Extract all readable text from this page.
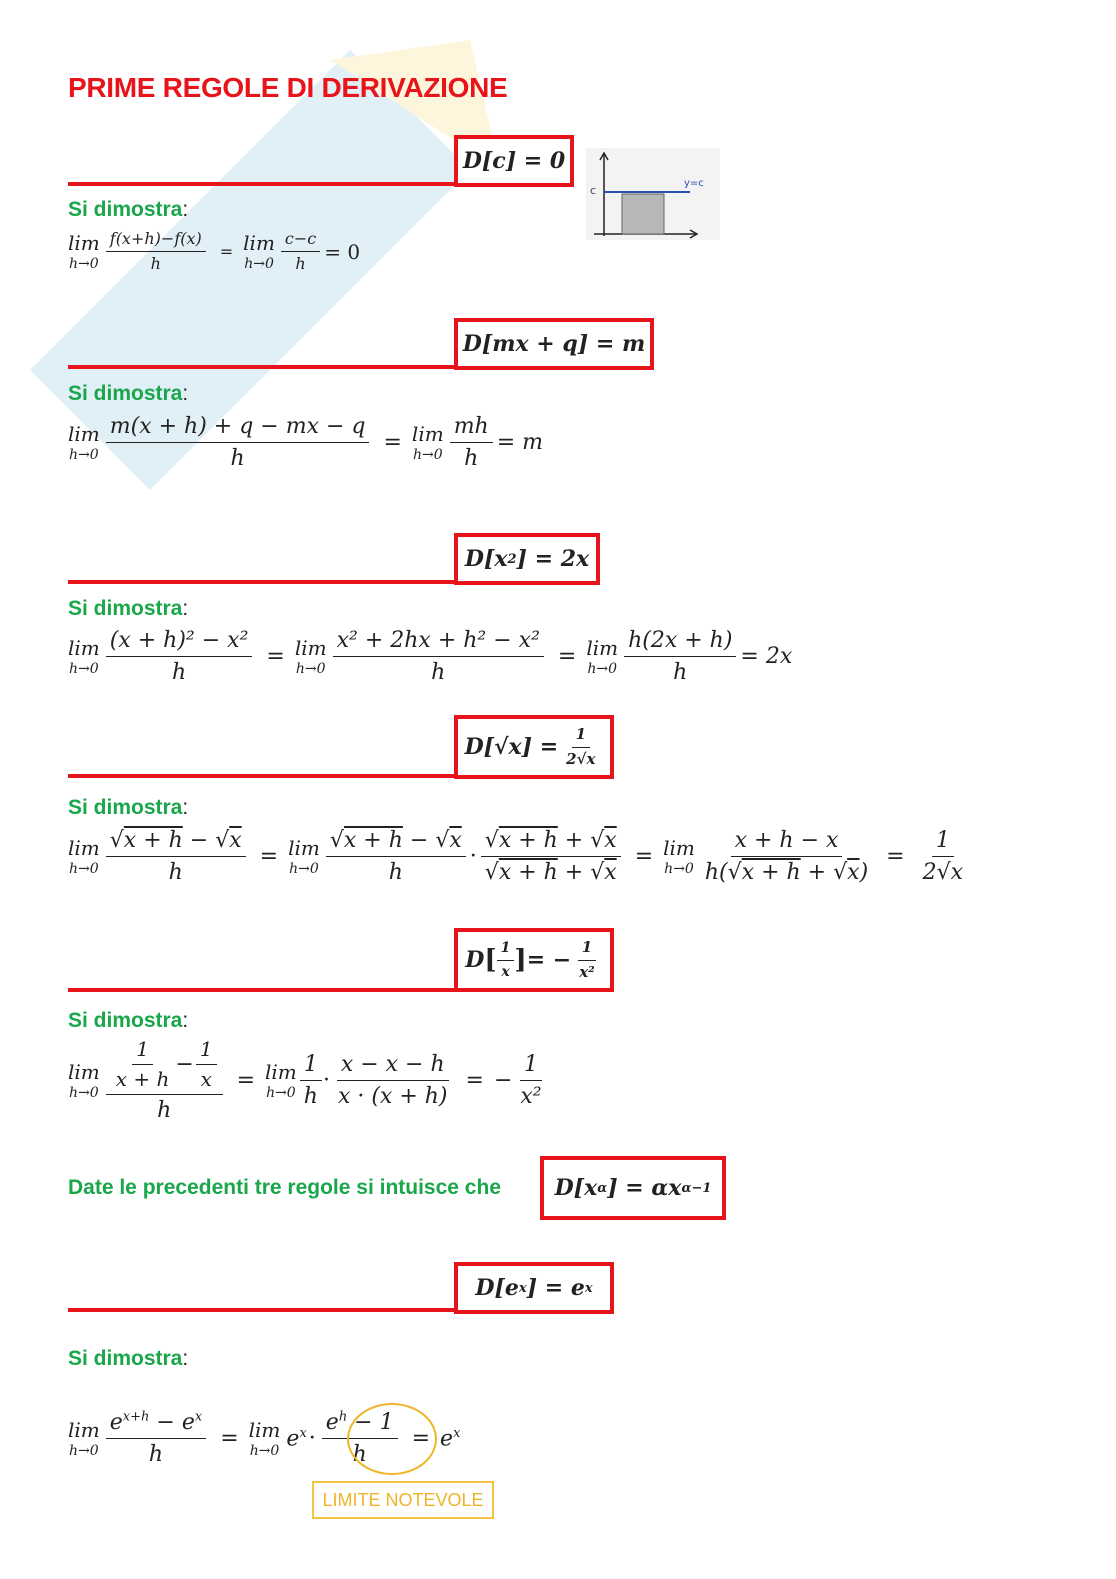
PRIME REGOLE DI DERIVAZIONE
D[c] = 0
c
y=c
Si dimostra:
lim
$h\to 0 \frac{f(x+h)-f(x)}{h} = \lim$
$h\to 0 \frac{c-c}{h} = 0$
D[mx + q] = m
Si dimostra:
lim
$h\to 0 \frac{m(x + h) + q - mx - q}{h} = \lim$
$h\to 0 \frac{mh}{h} = m$
D[x 2 ] = 2x
Si dimostra:
lim
$h\to 0 \frac{\text{(x + h)² − x²}}{h} = \lim$
$h\to 0 \frac{\text{x² + 2hx + h² − x²}}{h} = \lim$
$h\to 0 \frac{h(2x + h)}{h} = 2x$
$D[√x] = \frac{1}{2√x}$
Si dimostra:
lim
$h\to 0 \frac{√x + h - √x}{h} = \lim$
$h\to 0 \frac{√x + h - √x}{h} \cdot \frac{√x + h + √x}{√x + h + √x} = \lim$
$h\to 0 \frac{x + h - x}{h(√x + h + √x)} = \frac{1}{2√x}$
D [ $\frac{1}{x}$ ] = − $\frac{1}{\text{x²}}$
Si dimostra:
lim
$h\to 0 \frac{\frac{1}{x + h} - \frac{1}{x}}{h} = \lim$
$h\to 0 \frac{1}{h} \cdot \frac{x - x - h}{x \cdot (x + h)}$ = − $\frac{1}{\text{x²}}$
Date le precedenti tre regole si intuisce che D[x α ] = αx α−1
D[e x ] = e x
Si dimostra:
lim
$h\to 0 \frac{e^{x+h} - e^x}{h} = \lim$
h→0 $e^x \cdot \frac{e^h - 1}{h} = e^x$
LIMITE NOTEVOLE
